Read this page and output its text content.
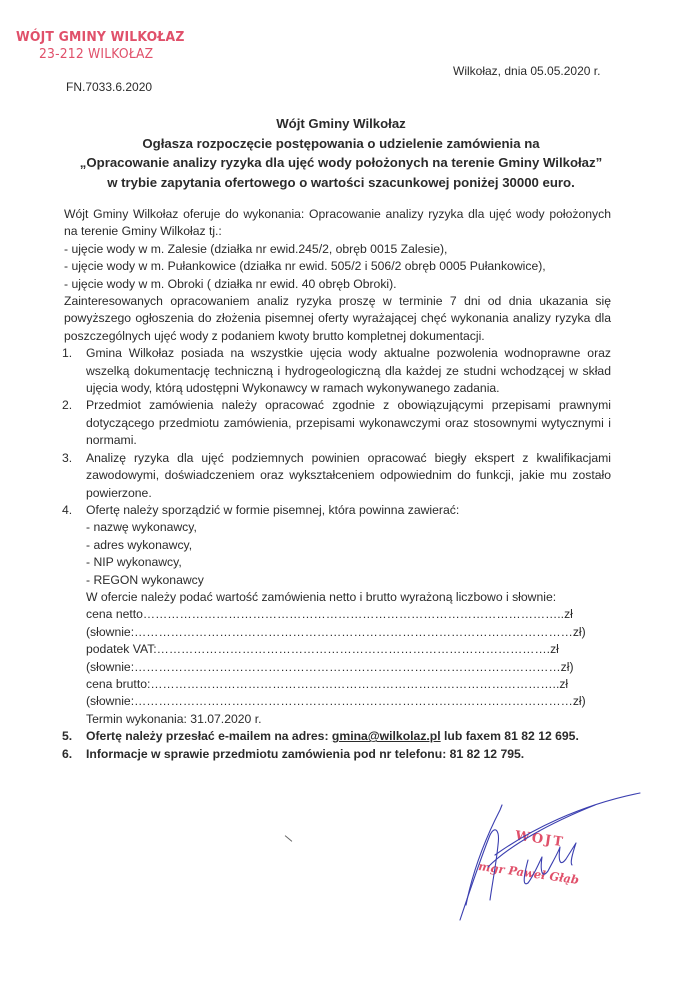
WÓJT GMINY WILKOŁAZ
23-212 WILKOŁAZ
Wilkołaz, dnia 05.05.2020 r.
FN.7033.6.2020
Wójt Gminy Wilkołaz
Ogłasza rozpoczęcie postępowania o udzielenie zamówienia na
„Opracowanie analizy ryzyka dla ujęć wody położonych na terenie Gminy Wilkołaz”
w trybie zapytania ofertowego o wartości szacunkowej poniżej 30000 euro.
Wójt Gminy Wilkołaz oferuje do wykonania: Opracowanie analizy ryzyka dla ujęć wody położonych na terenie Gminy Wilkołaz tj.:
- ujęcie wody w m. Zalesie (działka nr ewid.245/2, obręb 0015 Zalesie),
- ujęcie wody w m. Pułankowice (działka nr ewid. 505/2 i 506/2 obręb 0005 Pułankowice),
- ujęcie wody w m. Obroki ( działka nr ewid. 40 obręb Obroki).
Zainteresowanych opracowaniem analiz ryzyka proszę w terminie 7 dni od dnia ukazania się powyższego ogłoszenia do złożenia pisemnej oferty wyrażającej chęć wykonania analizy ryzyka dla poszczególnych ujęć wody z podaniem kwoty brutto kompletnej dokumentacji.
1.	Gmina Wilkołaz posiada na wszystkie ujęcia wody aktualne pozwolenia wodnoprawne oraz wszelką dokumentację techniczną i hydrogeologiczną dla każdej ze studni wchodzącej w skład ujęcia wody, którą udostępni Wykonawcy w ramach wykonywanego zadania.
2.	Przedmiot zamówienia należy opracować zgodnie z obowiązującymi przepisami prawnymi dotyczącego przedmiotu zamówienia, przepisami wykonawczymi oraz stosownymi wytycznymi i normami.
3.	Analizę ryzyka dla ujęć podziemnych powinien opracować biegły ekspert z kwalifikacjami zawodowymi, doświadczeniem oraz wykształceniem odpowiednim do funkcji, jakie mu zostało powierzone.
4.	Ofertę należy sporządzić w formie pisemnej, która powinna zawierać:
- nazwę wykonawcy,
- adres wykonawcy,
- NIP wykonawcy,
- REGON wykonawcy
W ofercie należy podać wartość zamówienia netto i brutto wyrażoną liczbowo i słownie:
cena netto…………………………………………………………………………………………..zł
(słownie:………………………………………………………………………………………………zł)
podatek VAT:…………………………………………………………………………………….zł
(słownie:……………………………………………………………………………………………zł)
cena brutto:………………………………………………………………………………………..zł
(słownie:………………………………………………………………………………………………zł)
Termin wykonania: 31.07.2020 r.
5.	Ofertę należy przesłać e-mailem na adres: gmina@wilkolaz.pl lub faxem 81 82 12 695.
6.	Informacje w sprawie przedmiotu zamówienia pod nr telefonu: 81 82 12 795.
WÓJT
mgr Paweł Głąb
